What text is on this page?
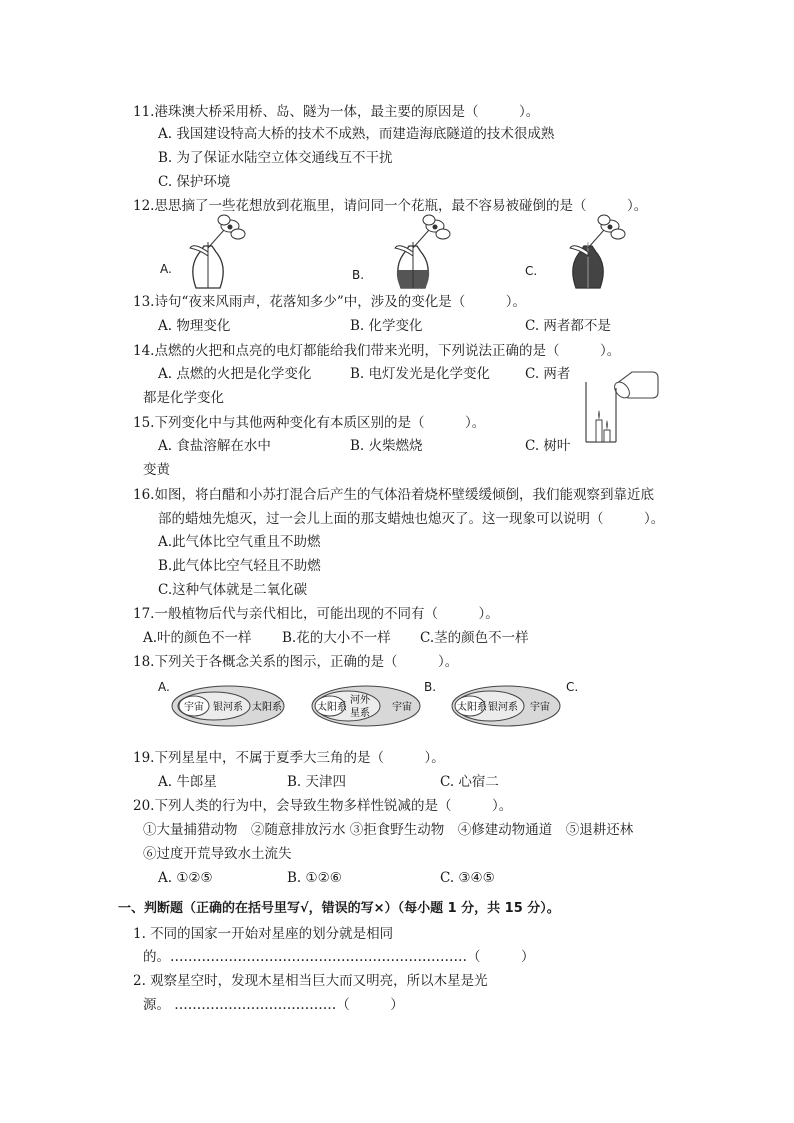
11.港珠澳大桥采用桥、岛、隧为一体，最主要的原因是（　　　）。
A. 我国建设特高大桥的技术不成熟，而建造海底隧道的技术很成熟
B. 为了保证水陆空立体交通线互不干扰
C. 保护环境
12.思思摘了一些花想放到花瓶里，请问同一个花瓶，最不容易被碰倒的是（　　　）。
A.	B.	C.
13.诗句“夜来风雨声，花落知多少”中，涉及的变化是（　　　）。
A. 物理变化	B. 化学变化	C. 两者都不是
14.点燃的火把和点亮的电灯都能给我们带来光明，下列说法正确的是（　　　）。
A. 点燃的火把是化学变化	B. 电灯发光是化学变化	C. 两者
都是化学变化
15.下列变化中与其他两种变化有本质区别的是（　　　）。
A. 食盐溶解在水中	B. 火柴燃烧	C. 树叶
变黄
16.如图，将白醋和小苏打混合后产生的气体沿着烧杯壁缓缓倾倒，我们能观察到靠近底
部的蜡烛先熄灭，过一会儿上面的那支蜡烛也熄灭了。这一现象可以说明（　　　）。
A.此气体比空气重且不助燃
B.此气体比空气轻且不助燃
C.这种气体就是二氧化碳
17.一般植物后代与亲代相比，可能出现的不同有（　　　）。
A.叶的颜色不一样 B.花的大小不一样 C.茎的颜色不一样
18.下列关于各概念关系的图示，正确的是（　　　）。
A.	B.	C.
宇宙 银河系 太阳系	太阳系
河外
星系
宇宙	太阳系 银河系 宇宙
19.下列星星中，不属于夏季大三角的是（　　　）。
A. 牛郎星	B. 天津四	C. 心宿二
20.下列人类的行为中，会导致生物多样性锐减的是（　　　）。
①大量捕猎动物　②随意排放污水 ③拒食野生动物　④修建动物通道　⑤退耕还林
⑥过度开荒导致水土流失
A. ①②⑤	B. ①②⑥	C. ③④⑤
一、判断题（正确的在括号里写√，错误的写×）（每小题 1 分，共 15 分）。
1. 不同的国家一开始对星座的划分就是相同
的。…………………………………………………………（　　　）
2. 观察星空时，发现木星相当巨大而又明亮，所以木星是光
源。 ………………………………（　　　）
